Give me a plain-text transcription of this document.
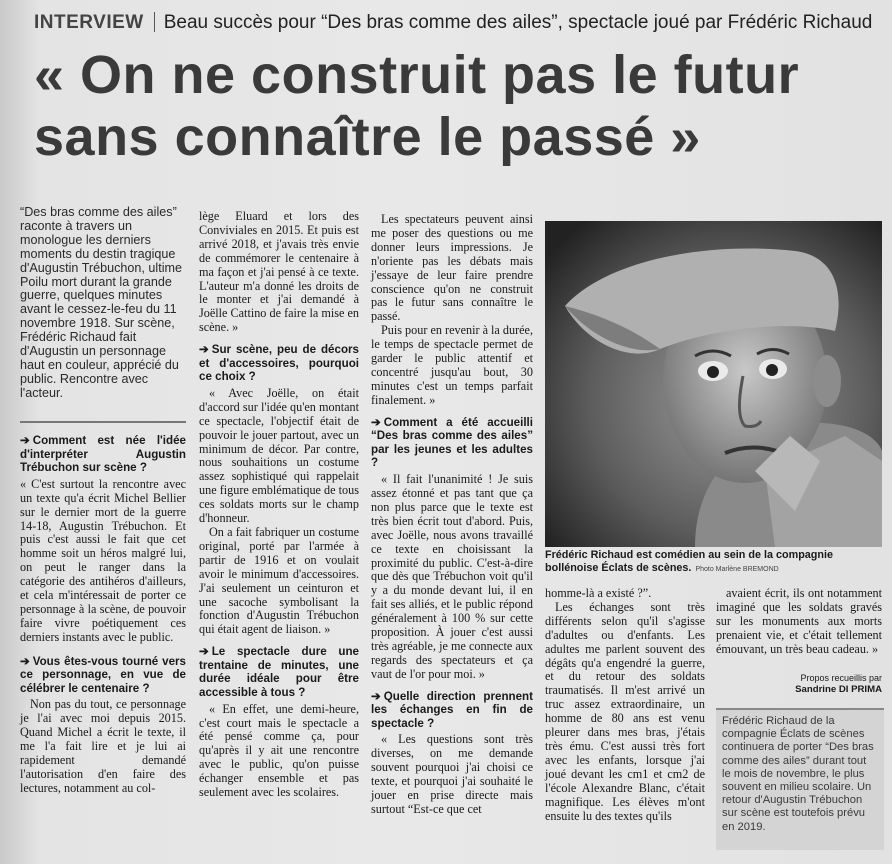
INTERVIEW Beau succès pour “Des bras comme des ailes”, spectacle joué par Frédéric Richaud
« On ne construit pas le futur
sans connaître le passé »
“Des bras comme des ailes” raconte à travers un monologue les derniers moments du destin tragique d'Augustin Trébuchon, ultime Poilu mort durant la grande guerre, quelques minutes avant le cessez-le-feu du 11 novembre 1918. Sur scène, Frédéric Richaud fait d'Augustin un personnage haut en couleur, apprécié du public. Rencontre avec l'acteur.
➔ Comment est née l'idée d'interpréter Augustin Trébuchon sur scène ?

« C'est surtout la rencontre avec un texte qu'a écrit Michel Bellier sur le dernier mort de la guerre 14-18, Augustin Trébuchon. Et puis c'est aussi le fait que cet homme soit un héros malgré lui, on peut le ranger dans la catégorie des antihéros d'ailleurs, et cela m'intéressait de porter ce personnage à la scène, de pouvoir faire vivre poétiquement ces derniers instants avec le public.

➔ Vous êtes-vous tourné vers ce personnage, en vue de célébrer le centenaire ?

Non pas du tout, ce personnage je l'ai avec moi depuis 2015. Quand Michel a écrit le texte, il me l'a fait lire et je lui ai rapidement demandé l'autorisation d'en faire des lectures, notamment au col-

lège Eluard et lors des Conviviales en 2015. Et puis est arrivé 2018, et j'avais très envie de commémorer le centenaire à ma façon et j'ai pensé à ce texte. L'auteur m'a donné les droits de le monter et j'ai demandé à Joëlle Cattino de faire la mise en scène. »

➔ Sur scène, peu de décors et d'accessoires, pourquoi ce choix ?

« Avec Joëlle, on était d'accord sur l'idée qu'en montant ce spectacle, l'objectif était de pouvoir le jouer partout, avec un minimum de décor. Par contre, nous souhaitions un costume assez sophistiqué qui rappelait une figure emblématique de tous ces soldats morts sur le champ d'honneur.

On a fait fabriquer un costume original, porté par l'armée à partir de 1916 et on voulait avoir le minimum d'accessoires. J'ai seulement un ceinturon et une sacoche symbolisant la fonction d'Augustin Trébuchon qui était agent de liaison. »

➔ Le spectacle dure une trentaine de minutes, une durée idéale pour être accessible à tous ?

« En effet, une demi-heure, c'est court mais le spectacle a été pensé comme ça, pour qu'après il y ait une rencontre avec le public, qu'on puisse échanger ensemble et pas seulement avec les scolaires.

Les spectateurs peuvent ainsi me poser des questions ou me donner leurs impressions. Je n'oriente pas les débats mais j'essaye de leur faire prendre conscience qu'on ne construit pas le futur sans connaître le passé.

Puis pour en revenir à la durée, le temps de spectacle permet de garder le public attentif et concentré jusqu'au bout, 30 minutes c'est un temps parfait finalement. »

➔ Comment a été accueilli “Des bras comme des ailes” par les jeunes et les adultes ?

« Il fait l'unanimité ! Je suis assez étonné et pas tant que ça non plus parce que le texte est très bien écrit tout d'abord. Puis, avec Joëlle, nous avons travaillé ce texte en choisissant la proximité du public. C'est-à-dire que dès que Trébuchon voit qu'il y a du monde devant lui, il en fait ses alliés, et le public répond généralement à 100 % sur cette proposition. À jouer c'est aussi très agréable, je me connecte aux regards des spectateurs et ça vaut de l'or pour moi. »

➔ Quelle direction prennent les échanges en fin de spectacle ?

« Les questions sont très diverses, on me demande souvent pourquoi j'ai choisi ce texte, et pourquoi j'ai souhaité le jouer en prise directe mais surtout “Est-ce que cet

Frédéric Richaud est comédien au sein de la compagnie bollénoise Éclats de scènes. Photo Marlène BREMOND

homme-là a existé ?”.

Les échanges sont très différents selon qu'il s'agisse d'adultes ou d'enfants. Les adultes me parlent souvent des dégâts qu'a engendré la guerre, et du retour des soldats traumatisés. Il m'est arrivé un truc assez extraordinaire, un homme de 80 ans est venu pleurer dans mes bras, j'étais très ému. C'est aussi très fort avec les enfants, lorsque j'ai joué devant les cm1 et cm2 de l'école Alexandre Blanc, c'était magnifique. Les élèves m'ont ensuite lu des textes qu'ils

avaient écrit, ils ont notamment imaginé que les soldats gravés sur les monuments aux morts prenaient vie, et c'était tellement émouvant, un très beau cadeau. »

Propos recueillis par
Sandrine DI PRIMA
Frédéric Richaud de la compagnie Éclats de scènes continuera de porter “Des bras comme des ailes” durant tout le mois de novembre, le plus souvent en milieu scolaire. Un retour d'Augustin Trébuchon sur scène est toutefois prévu en 2019.
